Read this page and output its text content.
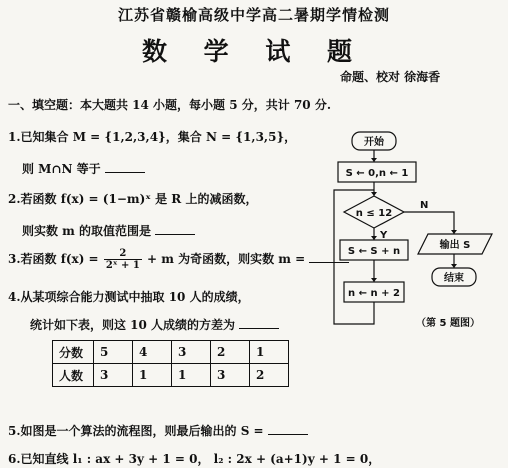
江苏省赣榆高级中学高二暑期学情检测
数 学 试 题
命题、校对 徐海香
一、填空题：本大题共 14 小题，每小题 5 分，共计 70 分.
1.已知集合 M = {1,2,3,4}，集合 N = {1,3,5}，
则 M∩N 等于
2.若函数 f(x) = (1−m)ˣ 是 R 上的减函数，
则实数 m 的取值范围是
3.若函数 $f(x) = \frac{2}{\text{2ˣ + 1}} + m$ 为奇函数，则实数 m =
4.从某项综合能力测试中抽取 10 人的成绩，
统计如下表，则这 10 人成绩的方差为
分数	5	4	3	2	1
人数	3	1	1	3	2
5.如图是一个算法的流程图，则最后输出的 S =
6.已知直线 l₁ : ax + 3y + 1 = 0， l₂ : 2x + (a+1)y + 1 = 0，
开始
S ← 0,n ← 1
n ≤ 12
Y
N
S ← S + n
n ← n + 2
输出 S
结束
（第 5 题图）
